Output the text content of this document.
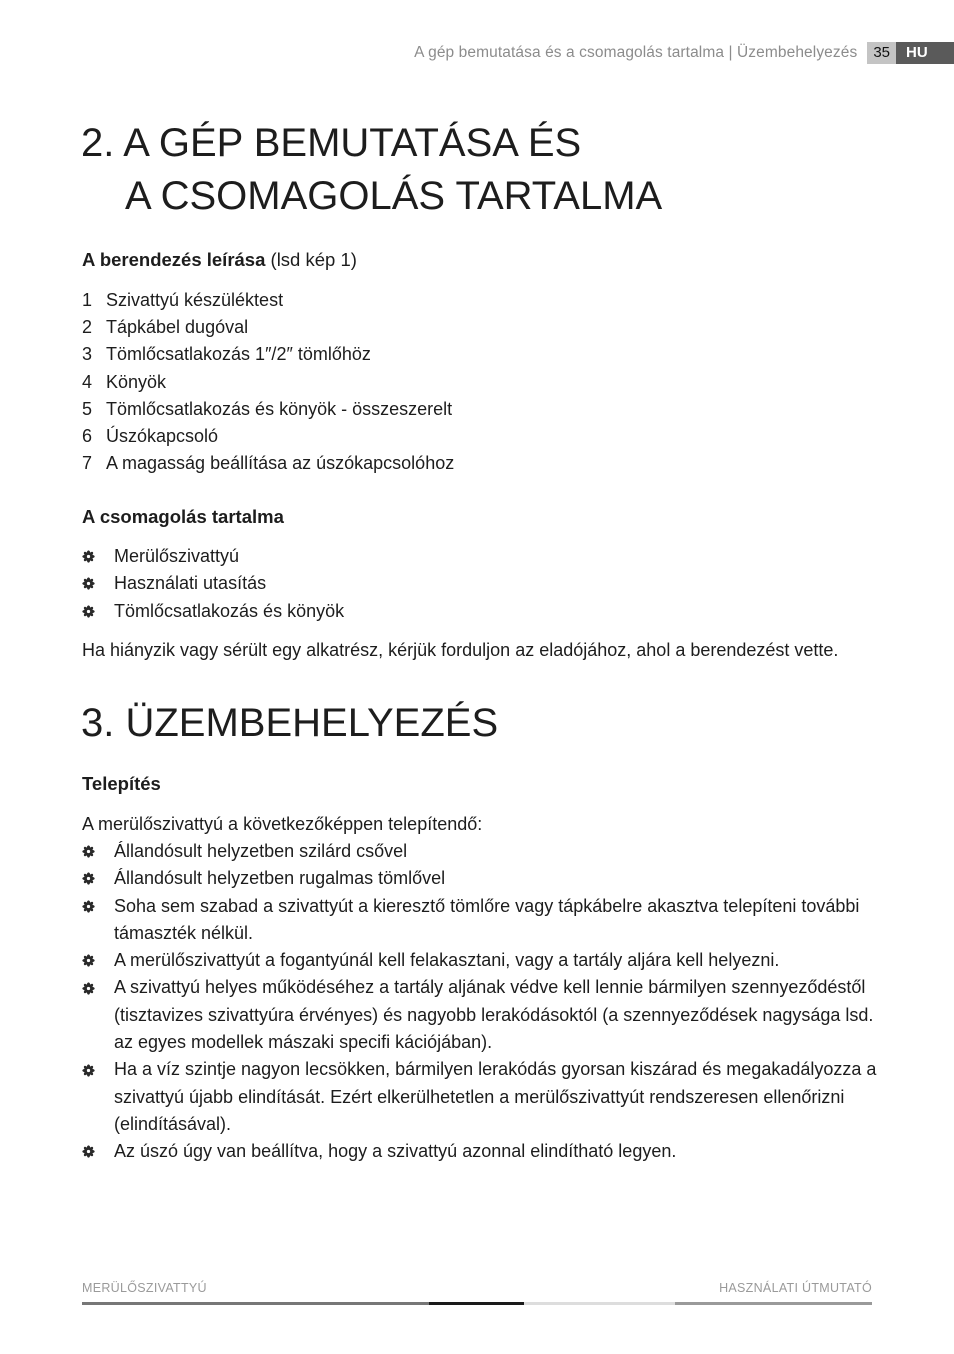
A gép bemutatása és a csomagolás tartalma | Üzembehelyezés	35	HU
2. A GÉP BEMUTATÁSA ÉS
A CSOMAGOLÁS TARTALMA

A berendezés leírása (lsd kép 1)

1 Szivattyú készüléktest
2 Tápkábel dugóval
3 Tömlőcsatlakozás 1″/2″ tömlőhöz
4 Könyök
5 Tömlőcsatlakozás és könyök - összeszerelt
6 Úszókapcsoló
7 A magasság beállítása az úszókapcsolóhoz

A csomagolás tartalma

Merülőszivattyú
Használati utasítás
Tömlőcsatlakozás és könyök

Ha hiányzik vagy sérült egy alkatrész, kérjük forduljon az eladójához, ahol a berendezést vette.

3. ÜZEMBEHELYEZÉS

Telepítés

A merülőszivattyú a következőképpen telepítendő:

Állandósult helyzetben szilárd csővel
Állandósult helyzetben rugalmas tömlővel
Soha sem szabad a szivattyút a kieresztő tömlőre vagy tápkábelre akasztva telepíteni további támaszték nélkül.
A merülőszivattyút a fogantyúnál kell felakasztani, vagy a tartály aljára kell helyezni.
A szivattyú helyes működéséhez a tartály aljának védve kell lennie bármilyen szennyeződéstől (tisztavizes szivattyúra érvényes) és nagyobb lerakódásoktól (a szennyeződések nagysága lsd. az egyes modellek mászaki specifi kációjában).
Ha a víz szintje nagyon lecsökken, bármilyen lerakódás gyorsan kiszárad és megakadályozza a szivattyú újabb elindítását. Ezért elkerülhetetlen a merülőszivattyút rendszeresen ellenőrizni (elindításával).
Az úszó úgy van beállítva, hogy a szivattyú azonnal elindítható legyen.
MERÜLŐSZIVATTYÚ	HASZNÁLATI ÚTMUTATÓ
